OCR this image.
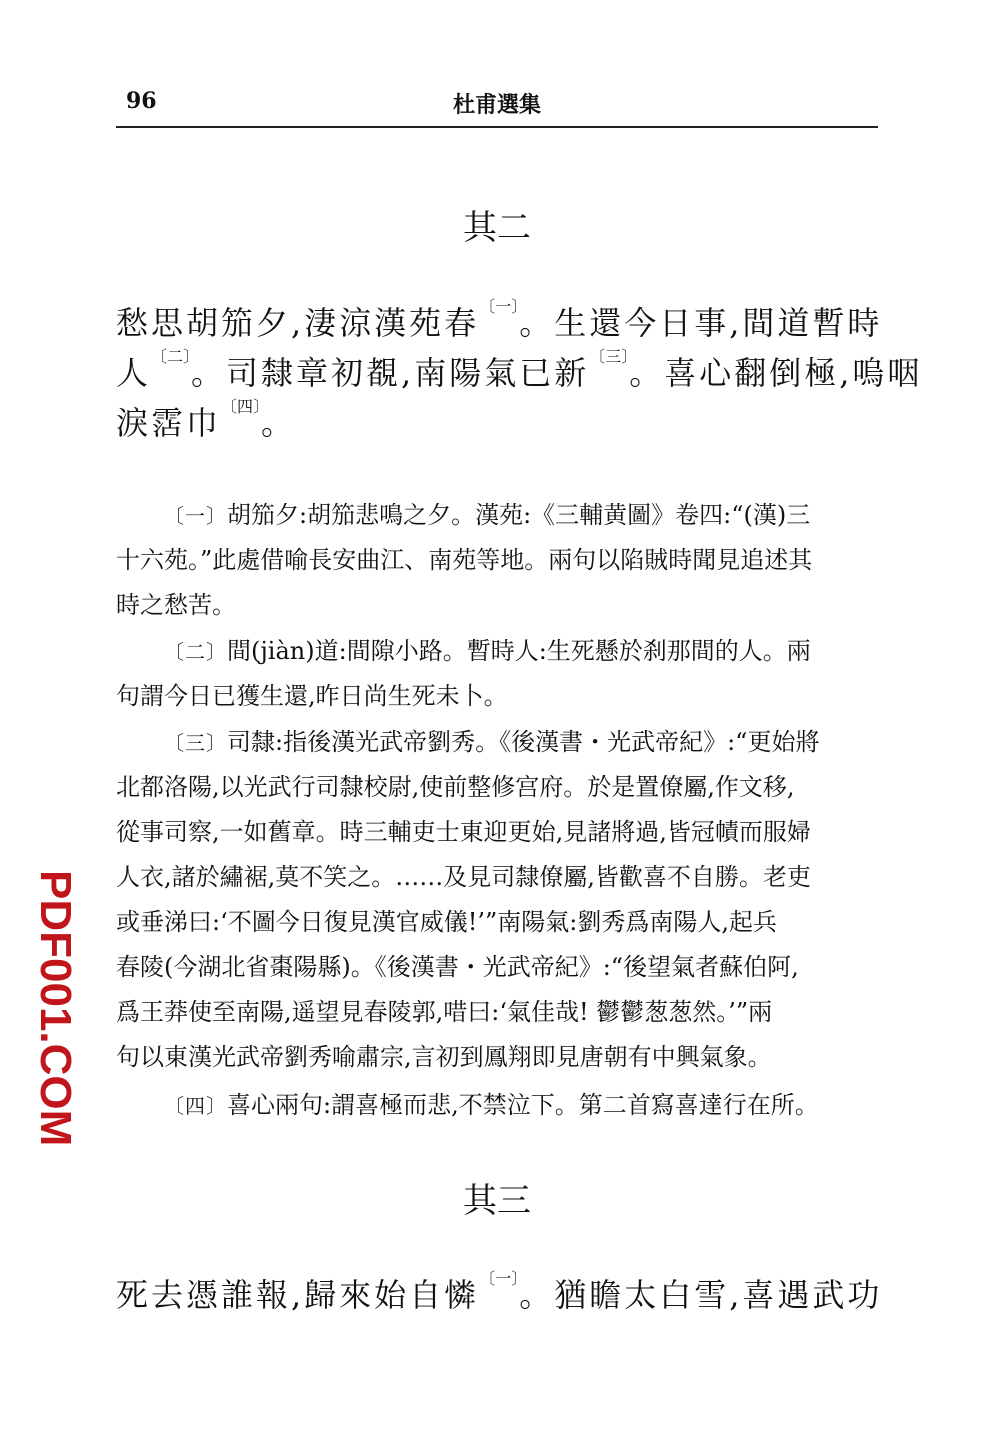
96	杜甫選集
其二
愁思胡笳夕,淒涼漢苑春$^{〔一〕}$。生還今日事,間道暫時
人$^{〔二〕}$。司隸章初覩,南陽氣已新$^{〔三〕}$。喜心翻倒極,嗚咽
淚霑巾$^{〔四〕}$。
〔一〕胡笳夕:胡笳悲鳴之夕。漢苑:《三輔黄圖》卷四:“(漢)三
十六苑。”此處借喻長安曲江、南苑等地。兩句以陷賊時聞見追述其
時之愁苦。
〔二〕間(jiàn)道:間隙小路。暫時人:生死懸於刹那間的人。兩
句謂今日已獲生還,昨日尚生死未卜。
〔三〕司隸:指後漢光武帝劉秀。《後漢書・光武帝紀》:“更始將
北都洛陽,以光武行司隸校尉,使前整修宫府。於是置僚屬,作文移,
從事司察,一如舊章。時三輔吏士東迎更始,見諸將過,皆冠幘而服婦
人衣,諸於繡裾,莫不笑之。……及見司隸僚屬,皆歡喜不自勝。老吏
或垂涕曰:‘不圖今日復見漢官威儀!’”南陽氣:劉秀爲南陽人,起兵
春陵(今湖北省棗陽縣)。《後漢書・光武帝紀》:“後望氣者蘇伯阿,
爲王莽使至南陽,遥望見春陵郭,唶曰:‘氣佳哉! 鬱鬱葱葱然。’”兩
句以東漢光武帝劉秀喻肅宗,言初到鳳翔即見唐朝有中興氣象。
〔四〕喜心兩句:謂喜極而悲,不禁泣下。第二首寫喜達行在所。
其三
死去憑誰報,歸來始自憐$^{〔一〕}$。猶瞻太白雪,喜遇武功
PDF001.COM
